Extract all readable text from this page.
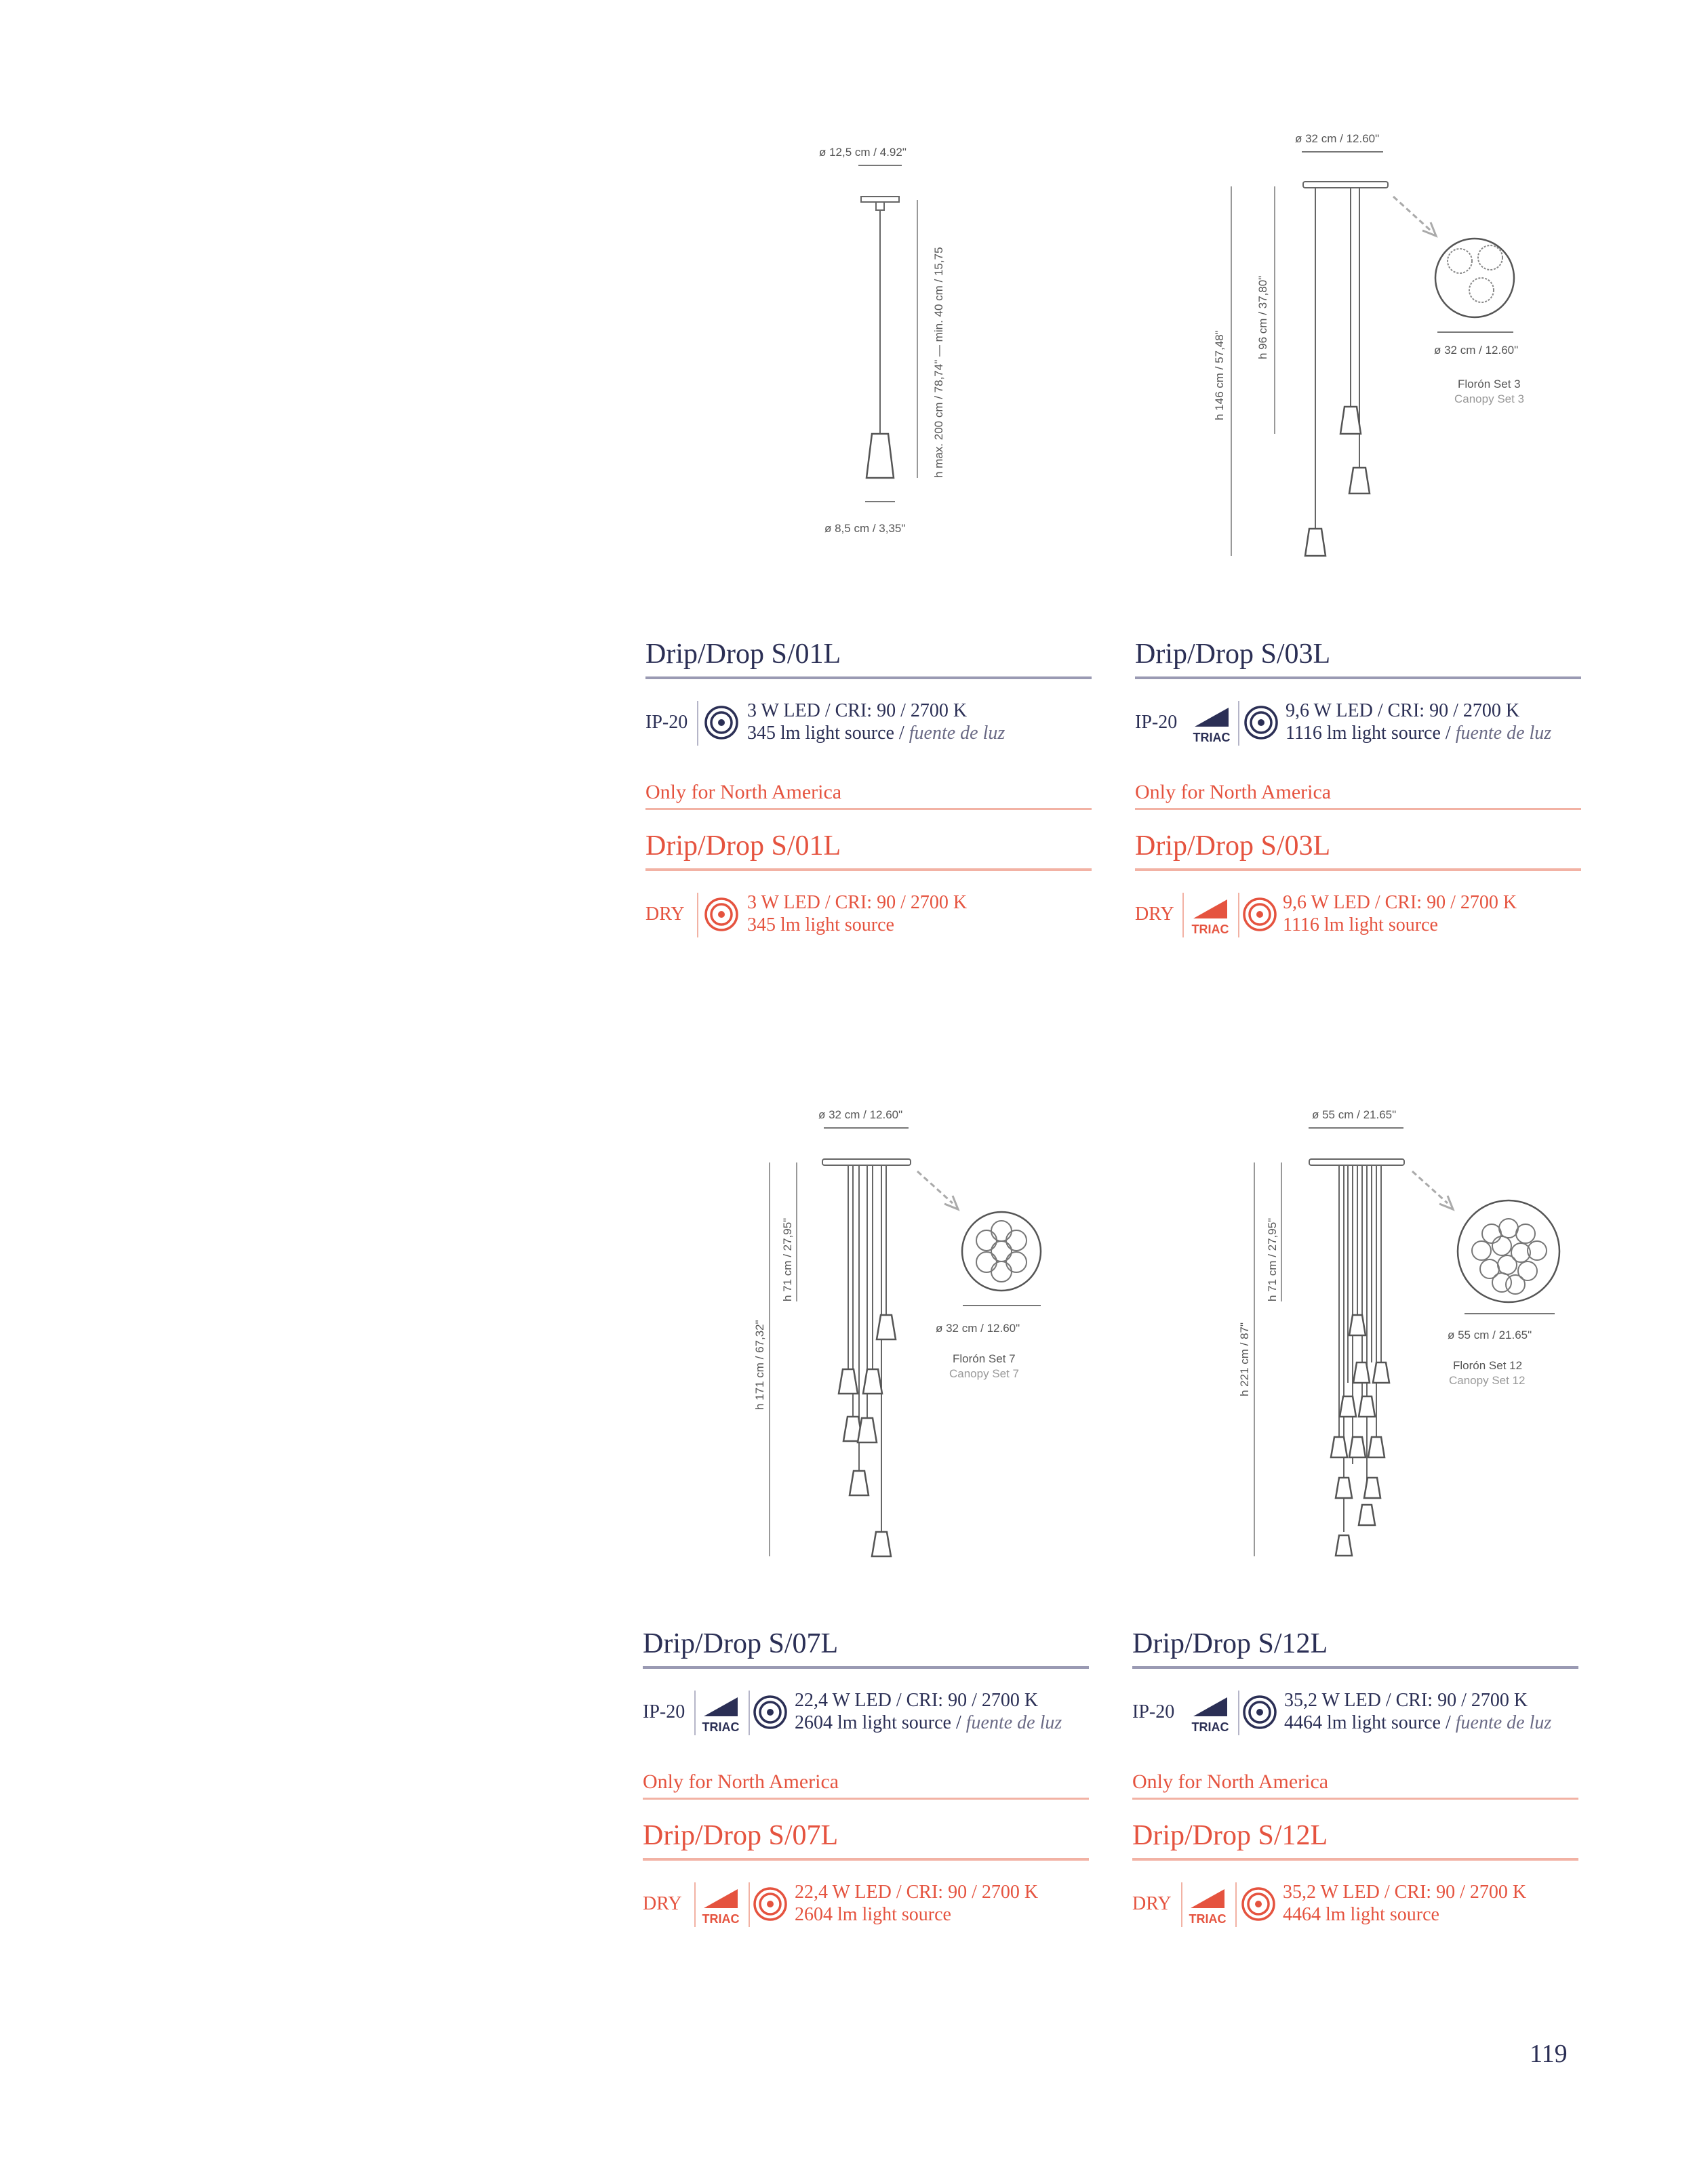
ø 12,5 cm / 4.92"
h max. 200 cm / 78,74" — min. 40 cm / 15,75
ø 8,5 cm / 3,35"
ø 32 cm / 12.60"
h 146 cm / 57,48"
h 96 cm / 37,80"	ø 32 cm / 12.60"
Florón Set 3
Canopy Set 3
ø 32 cm / 12.60"
h 171 cm / 67,32"
h 71 cm / 27,95"
ø 32 cm / 12.60"
Florón Set 7
Canopy Set 7
ø 55 cm / 21.65"
h 221 cm / 87"
h 71 cm / 27,95"
ø 55 cm / 21.65"
Florón Set 12
Canopy Set 12
Drip/Drop S/01L
IP-20
3 W LED / CRI: 90 / 2700 K
345 lm light source / fuente de luz
Only for North America
Drip/Drop S/01L
DRY
3 W LED / CRI: 90 / 2700 K
345 lm light source
Drip/Drop S/03L
IP-20
TRIAC
9,6 W LED / CRI: 90 / 2700 K
1116 lm light source / fuente de luz
Only for North America
Drip/Drop S/03L
DRY
TRIAC
9,6 W LED / CRI: 90 / 2700 K
1116 lm light source
Drip/Drop S/07L
IP-20
TRIAC
22,4 W LED / CRI: 90 / 2700 K
2604 lm light source / fuente de luz
Only for North America
Drip/Drop S/07L
DRY
TRIAC
22,4 W LED / CRI: 90 / 2700 K
2604 lm light source
Drip/Drop S/12L
IP-20
TRIAC
35,2 W LED / CRI: 90 / 2700 K
4464 lm light source / fuente de luz
Only for North America
Drip/Drop S/12L
DRY
TRIAC
35,2 W LED / CRI: 90 / 2700 K
4464 lm light source
119
